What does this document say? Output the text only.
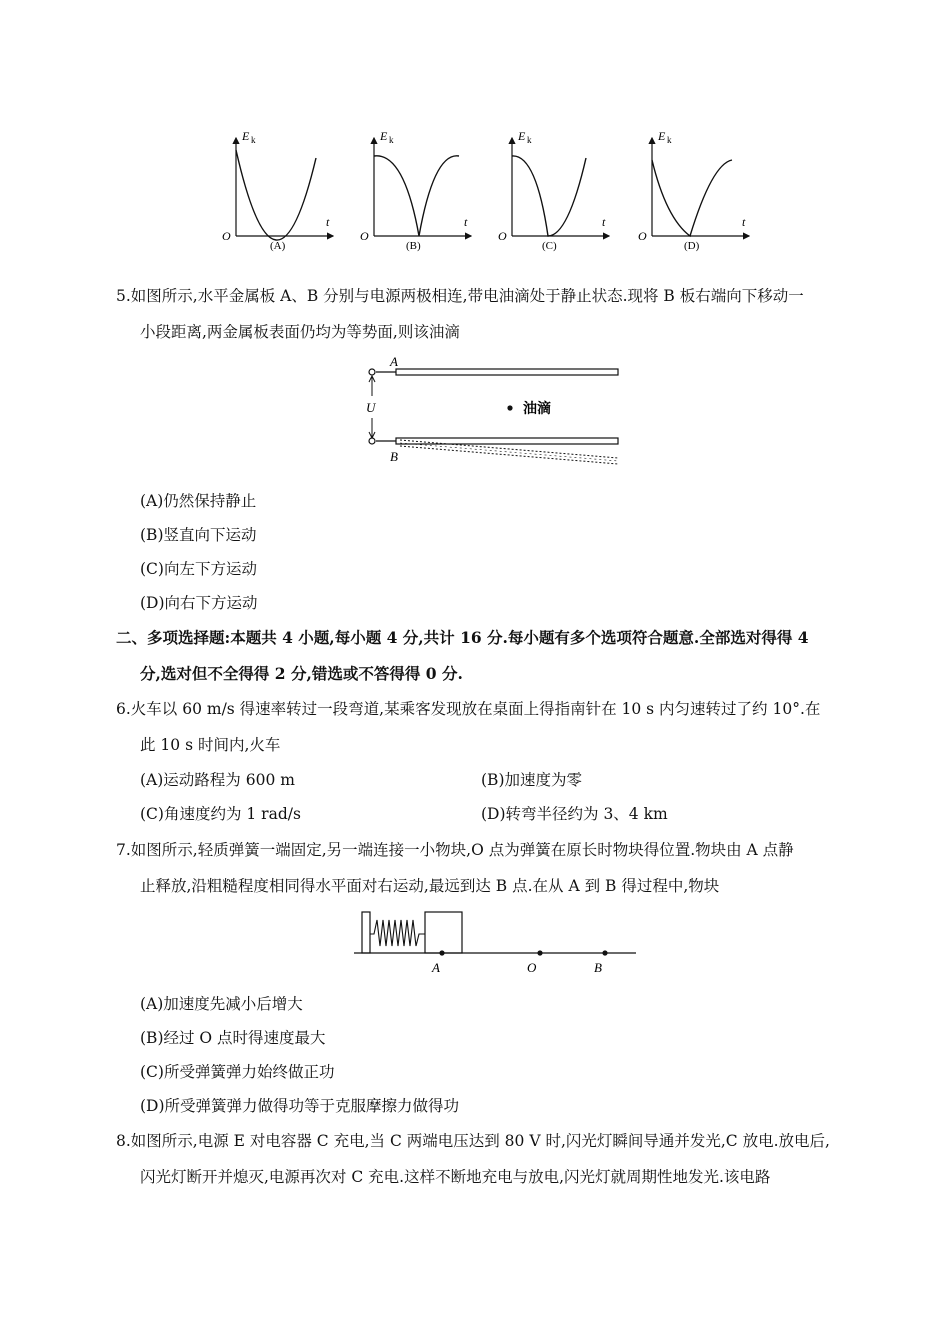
E k
t
O
(A)
E k
t
O
(B)
E k
t
O
(C)
E k
t
O
(D)
5.如图所示,水平金属板 A、B 分别与电源两极相连,带电油滴处于静止状态.现将 B 板右端向下移动一
小段距离,两金属板表面仍均为等势面,则该油滴
A
U	油滴
B
(A)仍然保持静止
(B)竖直向下运动
(C)向左下方运动
(D)向右下方运动
二、多项选择题:本题共 4 小题,每小题 4 分,共计 16 分.每小题有多个选项符合题意.全部选对得得 4
分,选对但不全得得 2 分,错选或不答得得 0 分.
6.火车以 60 m/s 得速率转过一段弯道,某乘客发现放在桌面上得指南针在 10 s 内匀速转过了约 10°.在
此 10 s 时间内,火车
(A)运动路程为 600 m	(B)加速度为零
(C)角速度约为 1 rad/s	(D)转弯半径约为 3、4 km
7.如图所示,轻质弹簧一端固定,另一端连接一小物块,O 点为弹簧在原长时物块得位置.物块由 A 点静
止释放,沿粗糙程度相同得水平面对右运动,最远到达 B 点.在从 A 到 B 得过程中,物块
A	O	B
(A)加速度先减小后增大
(B)经过 O 点时得速度最大
(C)所受弹簧弹力始终做正功
(D)所受弹簧弹力做得功等于克服摩擦力做得功
8.如图所示,电源 E 对电容器 C 充电,当 C 两端电压达到 80 V 时,闪光灯瞬间导通并发光,C 放电.放电后,
闪光灯断开并熄灭,电源再次对 C 充电.这样不断地充电与放电,闪光灯就周期性地发光.该电路
